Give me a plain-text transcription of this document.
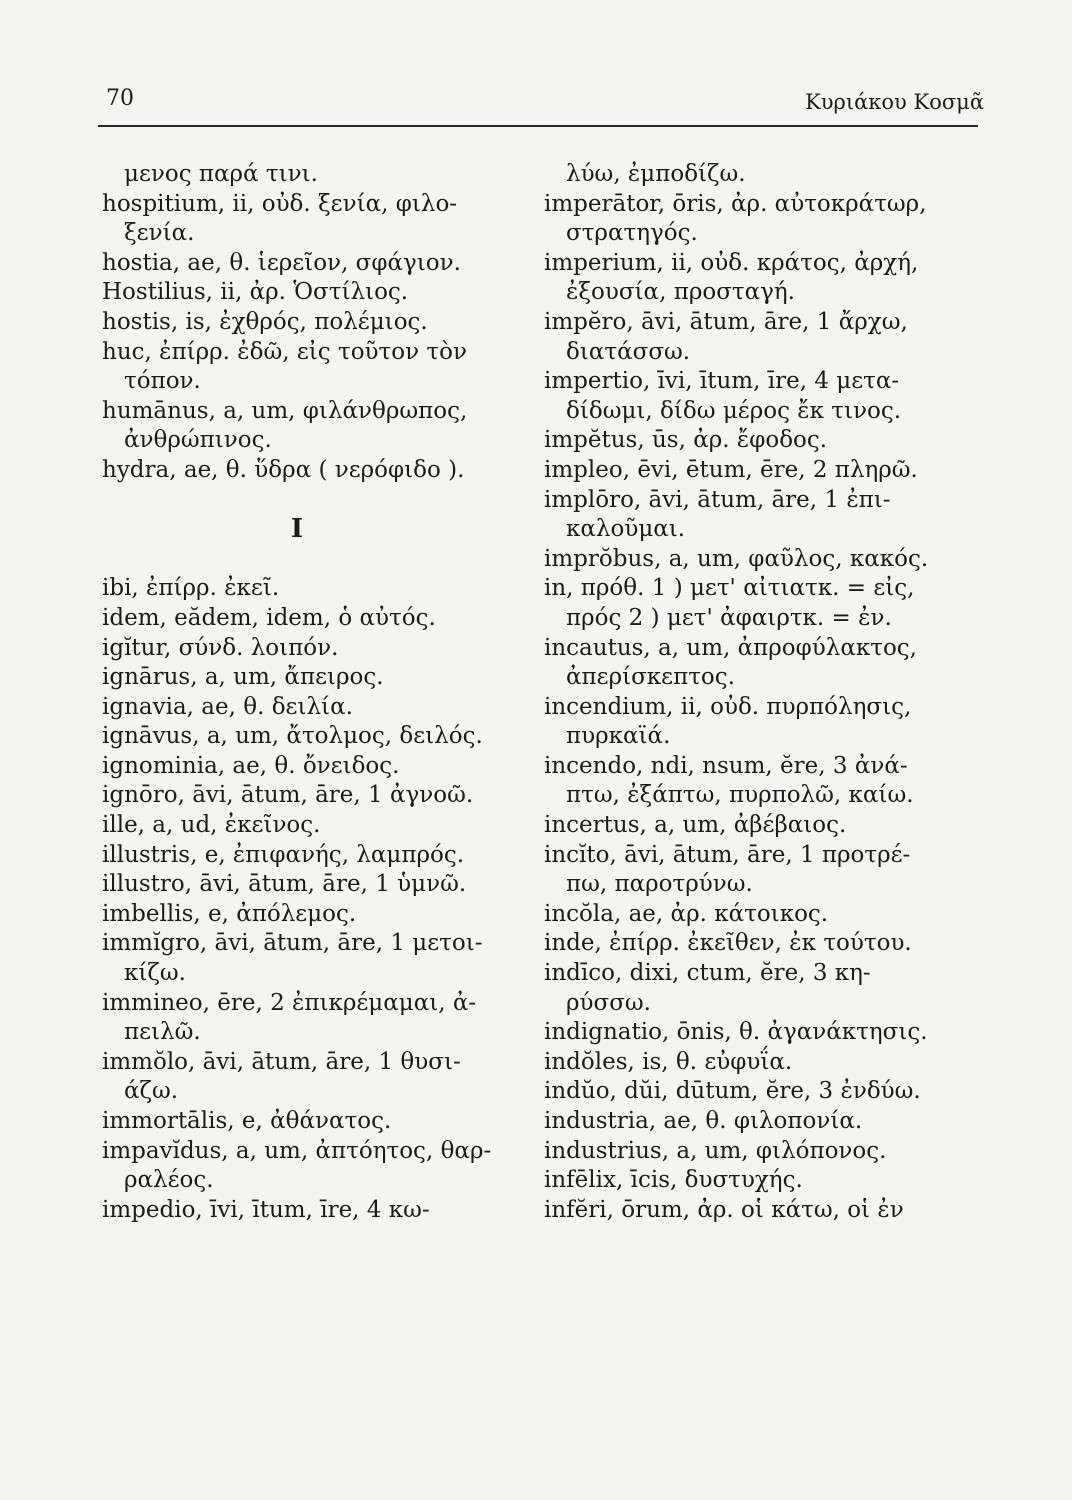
70	Κυριάκου Κοσμᾶ
μενος παρά τινι.
hospitium, ii, οὐδ. ξενία, φιλο-
ξενία.
hostia, ae, θ. ἱερεῖον, σφάγιον.
Hostilius, ii, ἀρ. Ὁστίλιος.
hostis, is, ἐχθρός, πολέμιος.
huc, ἐπίρρ. ἐδῶ, εἰς τοῦτον τὸν
τόπον.
humānus, a, um, φιλάνθρωπος,
ἀνθρώπινος.
hydra, ae, θ. ὕδρα ( νερόφιδο ).
I
ibi, ἐπίρρ. ἐκεῖ.
idem, eădem, idem, ὁ αὐτός.
igĭtur, σύνδ. λοιπόν.
ignārus, a, um, ἄπειρος.
ignavia, ae, θ. δειλία.
ignāvus, a, um, ἄτολμος, δειλός.
ignominia, ae, θ. ὄνειδος.
ignōro, āvi, ātum, āre, 1 ἀγνοῶ.
ille, a, ud, ἐκεῖνος.
illustris, e, ἐπιφανής, λαμπρός.
illustro, āvi, ātum, āre, 1 ὑμνῶ.
imbellis, e, ἀπόλεμος.
immĭgro, āvi, ātum, āre, 1 μετοι-
κίζω.
immineo, ēre, 2 ἐπικρέμαμαι, ἀ-
πειλῶ.
immŏlo, āvi, ātum, āre, 1 θυσι-
άζω.
immortālis, e, ἀθάνατος.
impavĭdus, a, um, ἀπτόητος, θαρ-
ραλέος.
impedio, īvi, ītum, īre, 4 κω-
λύω, ἐμποδίζω.
imperātor, ōris, ἀρ. αὐτοκράτωρ,
στρατηγός.
imperium, ii, οὐδ. κράτος, ἀρχή,
ἐξουσία, προσταγή.
impĕro, āvi, ātum, āre, 1 ἄρχω,
διατάσσω.
impertio, īvi, ītum, īre, 4 μετα-
δίδωμι, δίδω μέρος ἔκ τινος.
impĕtus, ūs, ἀρ. ἔφοδος.
impleo, ēvi, ētum, ēre, 2 πληρῶ.
implōro, āvi, ātum, āre, 1 ἐπι-
καλοῦμαι.
imprŏbus, a, um, φαῦλος, κακός.
in, πρόθ. 1 ) μετ' αἰτιατκ. = εἰς,
πρός 2 ) μετ' ἀφαιρτκ. = ἐν.
incautus, a, um, ἀπροφύλακτος,
ἀπερίσκεπτος.
incendium, ii, οὐδ. πυρπόλησις,
πυρκαϊά.
incendo, ndi, nsum, ĕre, 3 ἀνά-
πτω, ἐξάπτω, πυρπολῶ, καίω.
incertus, a, um, ἀβέβαιος.
incĭto, āvi, ātum, āre, 1 προτρέ-
πω, παροτρύνω.
incŏla, ae, ἀρ. κάτοικος.
inde, ἐπίρρ. ἐκεῖθεν, ἐκ τούτου.
indīco, dixi, ctum, ĕre, 3 κη-
ρύσσω.
indignatio, ōnis, θ. ἀγανάκτησις.
indŏles, is, θ. εὐφυΐα.
indŭo, dŭi, dūtum, ĕre, 3 ἐνδύω.
industria, ae, θ. φιλοπονία.
industrius, a, um, φιλόπονος.
infēlix, īcis, δυστυχής.
infĕri, ōrum, ἀρ. οἱ κάτω, οἱ ἐν
